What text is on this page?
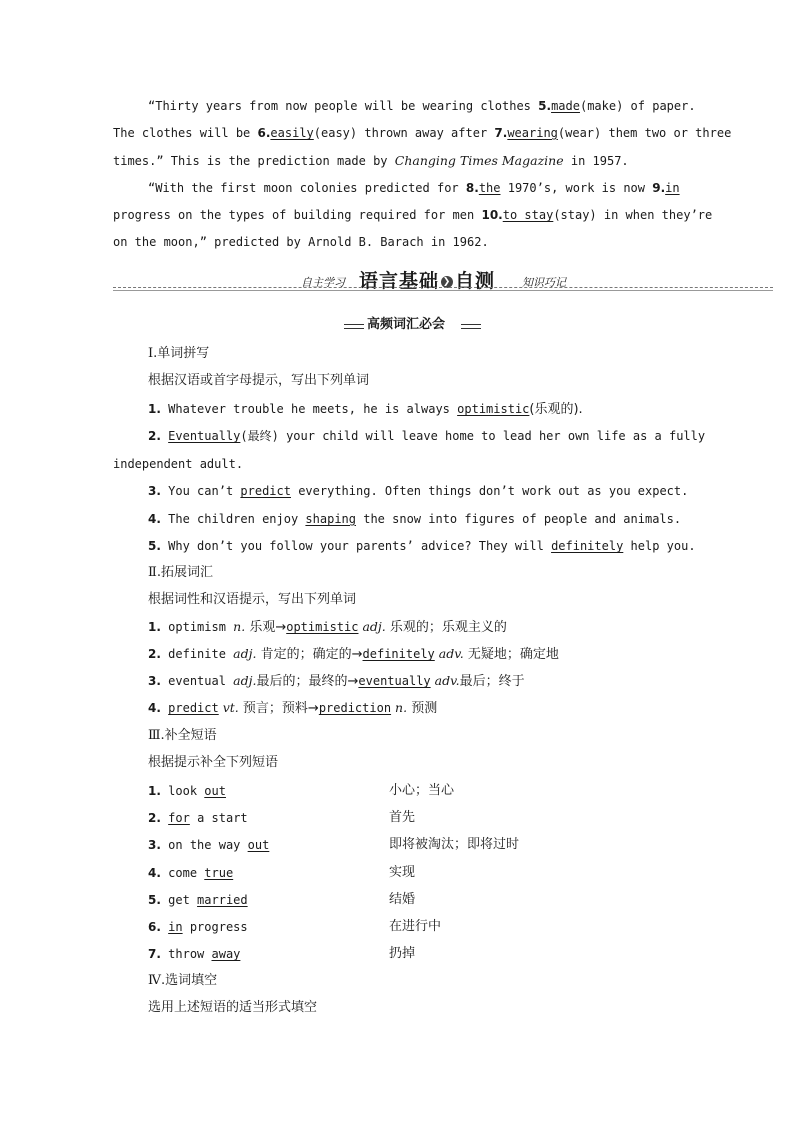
“Thirty years from now people will be wearing clothes 5.made(make) of paper.
The clothes will be 6.easily(easy) thrown away after 7.wearing(wear) them two or three
times.” This is the prediction made by Changing Times Magazine in 1957.
“With the first moon colonies predicted for 8.the 1970’s, work is now 9.in
progress on the types of building required for men 10.to stay(stay) in when they’re
on the moon,” predicted by Arnold B. Barach in 1962.
自主学习 语言基础 ❯ 自测 知识巧记
高频词汇必会
Ⅰ.单词拼写
根据汉语或首字母提示，写出下列单词
1. Whatever trouble he meets, he is always optimistic(乐观的).
2. Eventually(最终) your child will leave home to lead her own life as a fully
independent adult.
3. You can’t predict everything. Often things don’t work out as you expect.
4. The children enjoy shaping the snow into figures of people and animals.
5. Why don’t you follow your parents’ advice? They will definitely help you.
Ⅱ.拓展词汇
根据词性和汉语提示，写出下列单词
1. optimism n. 乐观→optimistic adj. 乐观的；乐观主义的
2. definite adj. 肯定的；确定的→definitely adv. 无疑地；确定地
3. eventual adj.最后的；最终的→eventually adv.最后；终于
4. predict vt. 预言；预料→prediction n. 预测
Ⅲ.补全短语
根据提示补全下列短语
1. look out	小心；当心
2. for a start	首先
3. on the way out	即将被淘汰；即将过时
4. come true	实现
5. get married	结婚
6. in progress	在进行中
7. throw away	扔掉
Ⅳ.选词填空
选用上述短语的适当形式填空
